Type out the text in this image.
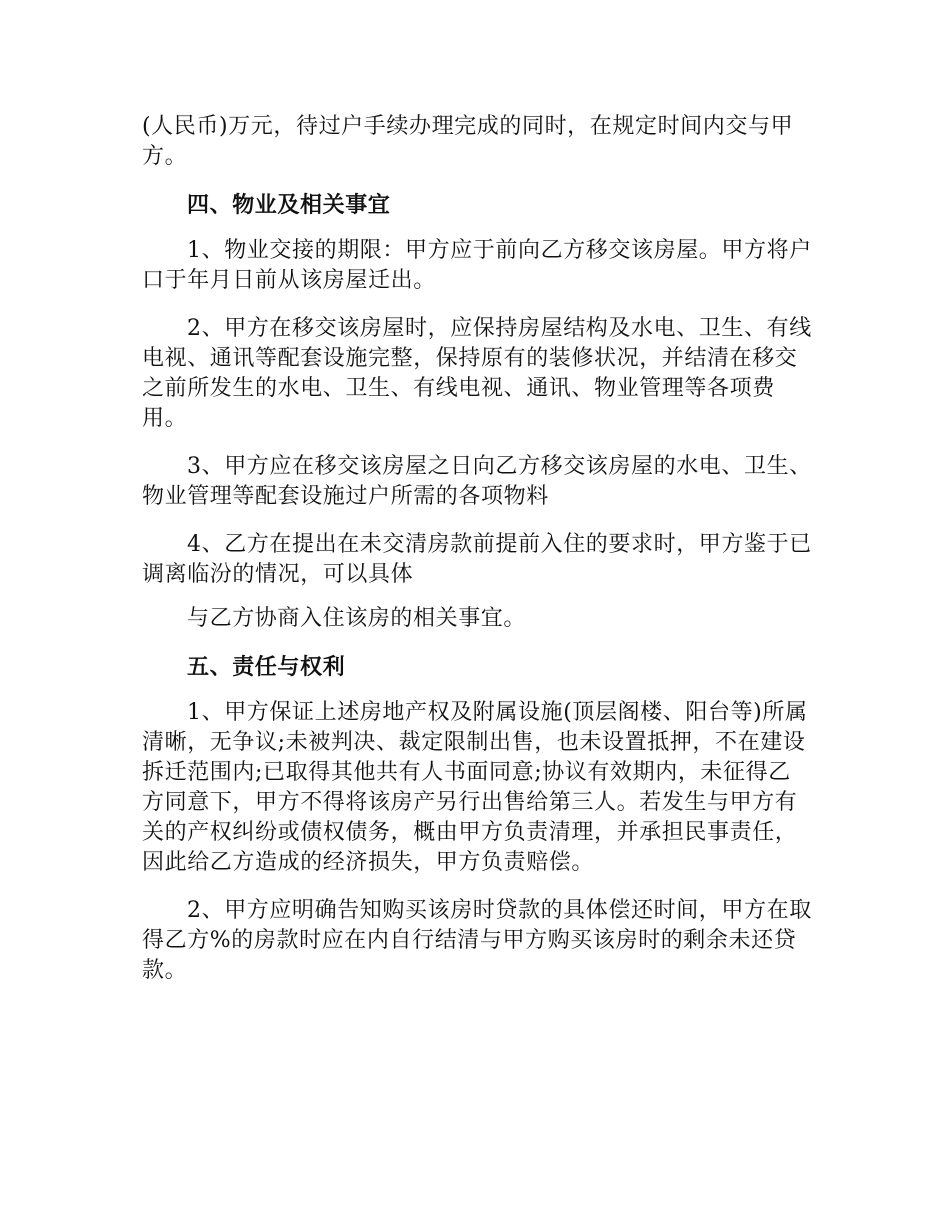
(人民币)万元，待过户手续办理完成的同时，在规定时间内交与甲方。

四、物业及相关事宜

1、物业交接的期限：甲方应于前向乙方移交该房屋。甲方将户口于年月日前从该房屋迁出。

2、甲方在移交该房屋时，应保持房屋结构及水电、卫生、有线电视、通讯等配套设施完整，保持原有的装修状况，并结清在移交之前所发生的水电、卫生、有线电视、通讯、物业管理等各项费用。

3、甲方应在移交该房屋之日向乙方移交该房屋的水电、卫生、物业管理等配套设施过户所需的各项物料

4、乙方在提出在未交清房款前提前入住的要求时，甲方鉴于已调离临汾的情况，可以具体

与乙方协商入住该房的相关事宜。

五、责任与权利

1、甲方保证上述房地产权及附属设施(顶层阁楼、阳台等)所属清晰，无争议;未被判决、裁定限制出售，也未设置抵押，不在建设拆迁范围内;已取得其他共有人书面同意;协议有效期内，未征得乙方同意下，甲方不得将该房产另行出售给第三人。若发生与甲方有关的产权纠纷或债权债务，概由甲方负责清理，并承担民事责任，因此给乙方造成的经济损失，甲方负责赔偿。

2、甲方应明确告知购买该房时贷款的具体偿还时间，甲方在取得乙方%的房款时应在内自行结清与甲方购买该房时的剩余未还贷款。
